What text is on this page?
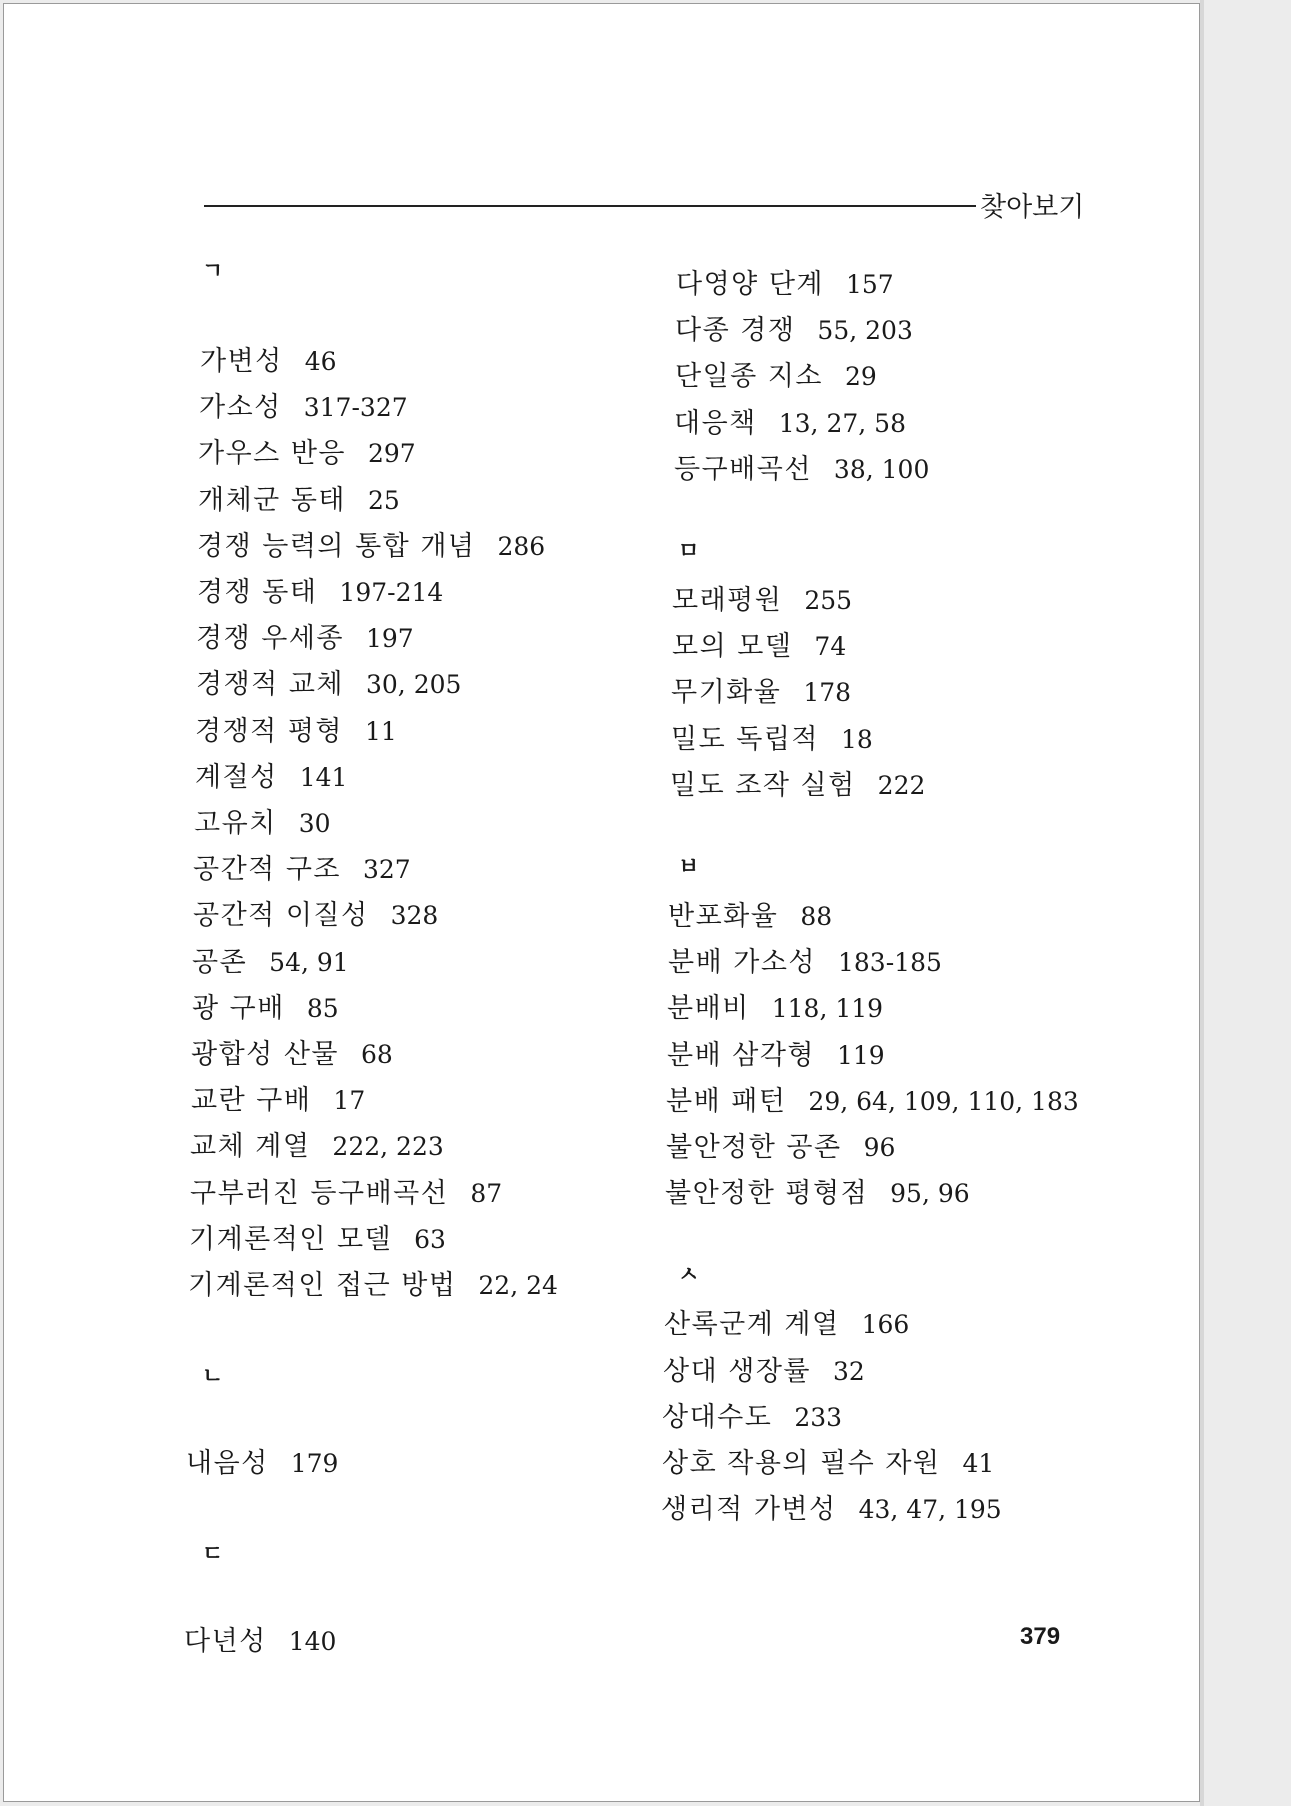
찾아보기
ㄱ
가변성 46
가소성 317-327
가우스 반응 297
개체군 동태 25
경쟁 능력의 통합 개념 286
경쟁 동태 197-214
경쟁 우세종 197
경쟁적 교체 30, 205
경쟁적 평형 11
계절성 141
고유치 30
공간적 구조 327
공간적 이질성 328
공존 54, 91
광 구배 85
광합성 산물 68
교란 구배 17
교체 계열 222, 223
구부러진 등구배곡선 87
기계론적인 모델 63
기계론적인 접근 방법 22, 24
ㄴ
내음성 179
ㄷ
다년성 140
다영양 단계 157
다종 경쟁 55, 203
단일종 지소 29
대응책 13, 27, 58
등구배곡선 38, 100
ㅁ
모래평원 255
모의 모델 74
무기화율 178
밀도 독립적 18
밀도 조작 실험 222
ㅂ
반포화율 88
분배 가소성 183-185
분배비 118, 119
분배 삼각형 119
분배 패턴 29, 64, 109, 110, 183
불안정한 공존 96
불안정한 평형점 95, 96
ㅅ
산록군계 계열 166
상대 생장률 32
상대수도 233
상호 작용의 필수 자원 41
생리적 가변성 43, 47, 195
379
